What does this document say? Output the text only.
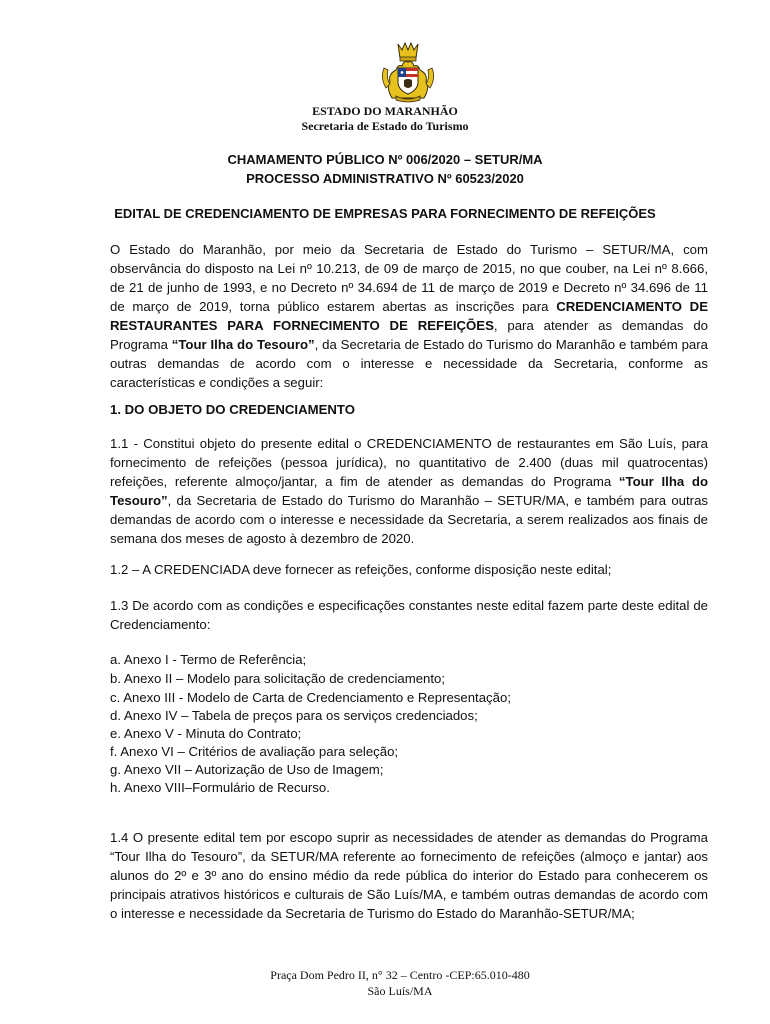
ESTADO DO MARANHÃO
Secretaria de Estado do Turismo
CHAMAMENTO PÚBLICO Nº 006/2020 – SETUR/MA
PROCESSO ADMINISTRATIVO Nº 60523/2020
EDITAL DE CREDENCIAMENTO DE EMPRESAS PARA FORNECIMENTO DE REFEIÇÕES

O Estado do Maranhão, por meio da Secretaria de Estado do Turismo – SETUR/MA, com observância do disposto na Lei nº 10.213, de 09 de março de 2015, no que couber, na Lei nº 8.666, de 21 de junho de 1993, e no Decreto nº 34.694 de 11 de março de 2019 e Decreto nº 34.696 de 11 de março de 2019, torna público estarem abertas as inscrições para CREDENCIAMENTO DE RESTAURANTES PARA FORNECIMENTO DE REFEIÇÕES, para atender as demandas do Programa “Tour Ilha do Tesouro”, da Secretaria de Estado do Turismo do Maranhão e também para outras demandas de acordo com o interesse e necessidade da Secretaria, conforme as características e condições a seguir:

1. DO OBJETO DO CREDENCIAMENTO

1.1 - Constitui objeto do presente edital o CREDENCIAMENTO de restaurantes em São Luís, para fornecimento de refeições (pessoa jurídica), no quantitativo de 2.400 (duas mil quatrocentas) refeições, referente almoço/jantar, a fim de atender as demandas do Programa “Tour Ilha do Tesouro”, da Secretaria de Estado do Turismo do Maranhão – SETUR/MA, e também para outras demandas de acordo com o interesse e necessidade da Secretaria, a serem realizados aos finais de semana dos meses de agosto à dezembro de 2020.

1.2 – A CREDENCIADA deve fornecer as refeições, conforme disposição neste edital;

1.3 De acordo com as condições e especificações constantes neste edital fazem parte deste edital de Credenciamento:

a. Anexo I - Termo de Referência;
b. Anexo II – Modelo para solicitação de credenciamento;
c. Anexo III - Modelo de Carta de Credenciamento e Representação;
d. Anexo IV – Tabela de preços para os serviços credenciados;
e. Anexo V - Minuta do Contrato;
f. Anexo VI – Critérios de avaliação para seleção;
g. Anexo VII – Autorização de Uso de Imagem;
h. Anexo VIII–Formulário de Recurso.

1.4 O presente edital tem por escopo suprir as necessidades de atender as demandas do Programa “Tour Ilha do Tesouro”, da SETUR/MA referente ao fornecimento de refeições (almoço e jantar) aos alunos do 2º e 3º ano do ensino médio da rede pública do interior do Estado para conhecerem os principais atrativos históricos e culturais de São Luís/MA, e também outras demandas de acordo com o interesse e necessidade da Secretaria de Turismo do Estado do Maranhão-SETUR/MA;

Praça Dom Pedro II, n° 32 – Centro -CEP:65.010-480
São Luís/MA
